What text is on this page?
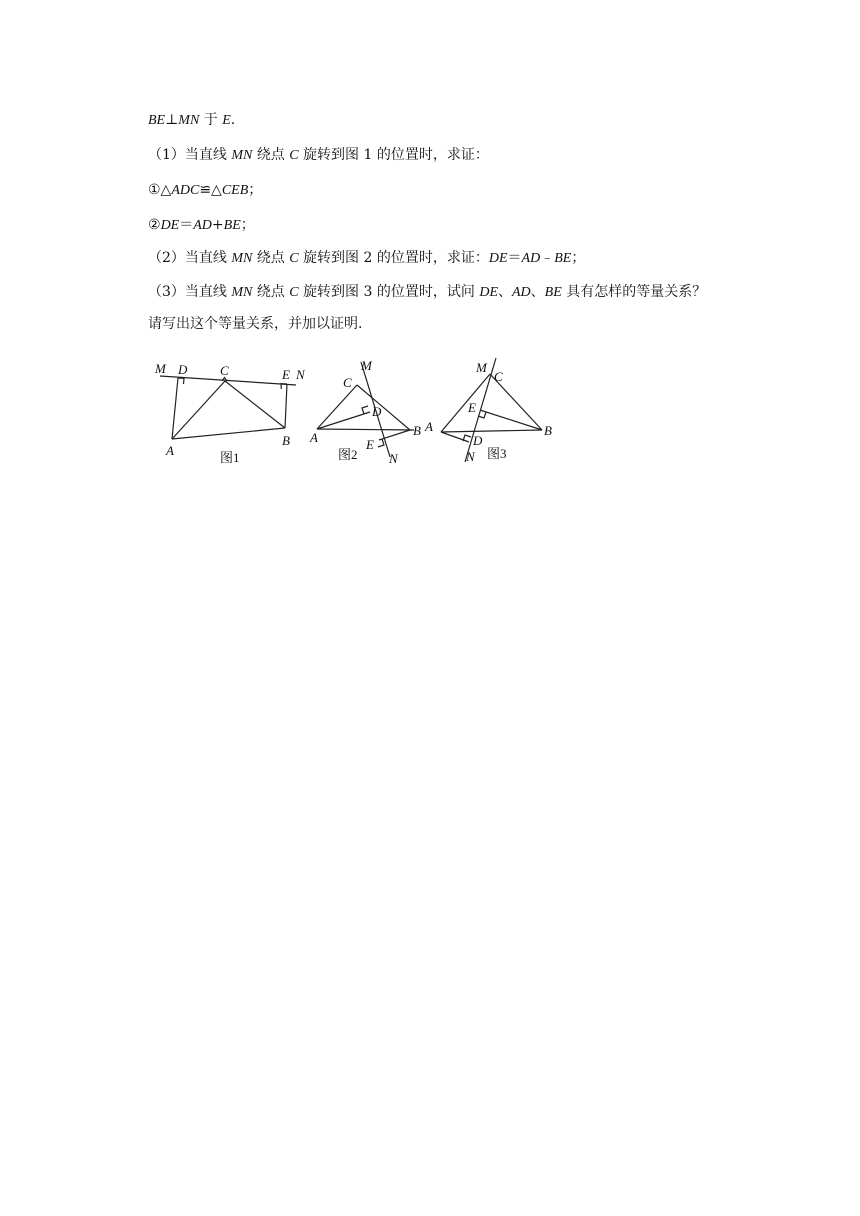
BE⊥MN 于 E.
（1）当直线 MN 绕点 C 旋转到图 1 的位置时，求证：
①△ADC≌△CEB；
②DE＝AD+BE；
（2）当直线 MN 绕点 C 旋转到图 2 的位置时，求证：DE＝AD﹣BE；
（3）当直线 MN 绕点 C 旋转到图 3 的位置时，试问 DE、AD、BE 具有怎样的等量关系？
请写出这个等量关系，并加以证明.
M D	C	E N
A
B
M
C
D
A	B
E
N
A
M
C
E
B
D
N
图1	图2	图3
